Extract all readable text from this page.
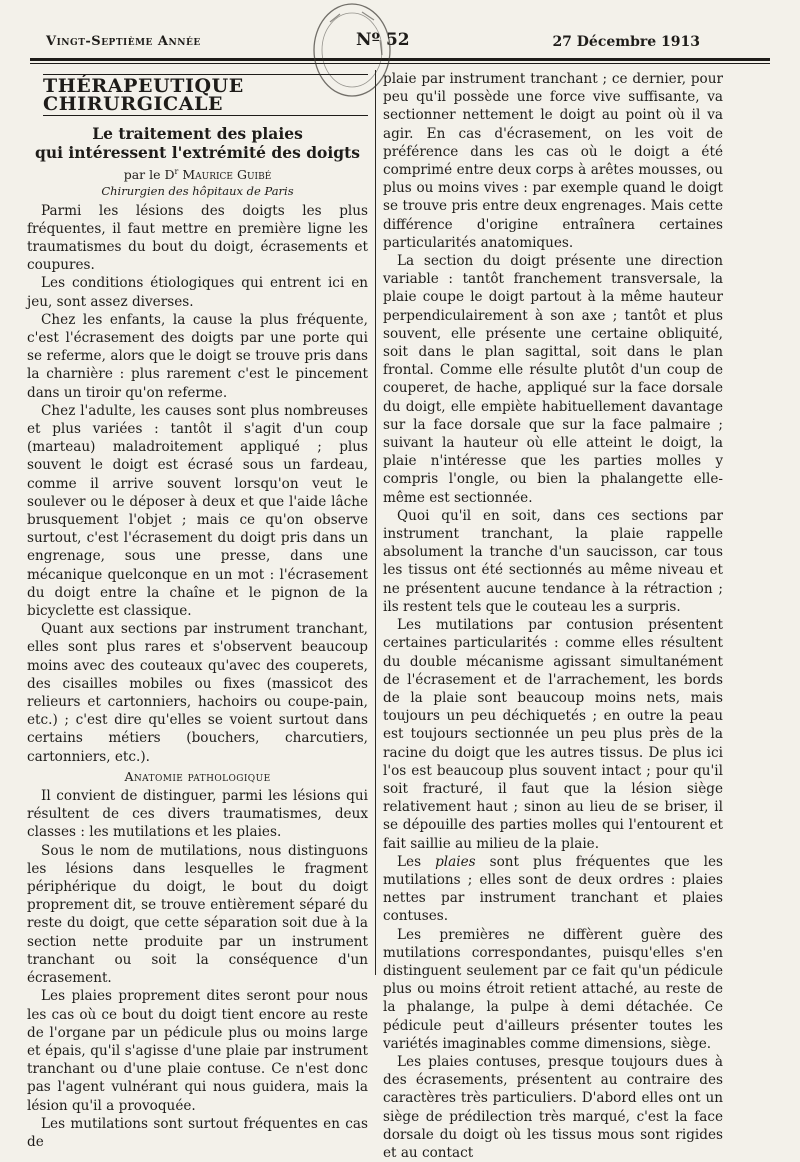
Vingt-Septième Année	Nº 52	27 Décembre 1913
THÉRAPEUTIQUE CHIRURGICALE
Le traitement des plaies
qui intéressent l'extrémité des doigts
par le $D^r$ Maurice Guibé
Chirurgien des hôpitaux de Paris

Parmi les lésions des doigts les plus fréquentes, il faut mettre en première ligne les traumatismes du bout du doigt, écrasements et coupures.

Les conditions étiologiques qui entrent ici en jeu, sont assez diverses.

Chez les enfants, la cause la plus fréquente, c'est l'écrasement des doigts par une porte qui se referme, alors que le doigt se trouve pris dans la charnière : plus rarement c'est le pincement dans un tiroir qu'on referme.

Chez l'adulte, les causes sont plus nombreuses et plus variées : tantôt il s'agit d'un coup (marteau) maladroitement appliqué ; plus souvent le doigt est écrasé sous un fardeau, comme il arrive souvent lorsqu'on veut le soulever ou le déposer à deux et que l'aide lâche brusquement l'objet ; mais ce qu'on observe surtout, c'est l'écrasement du doigt pris dans un engrenage, sous une presse, dans une mécanique quelconque en un mot : l'écrasement du doigt entre la chaîne et le pignon de la bicyclette est classique.

Quant aux sections par instrument tranchant, elles sont plus rares et s'observent beaucoup moins avec des couteaux qu'avec des couperets, des cisailles mobiles ou fixes (massicot des relieurs et cartonniers, hachoirs ou coupe-pain, etc.) ; c'est dire qu'elles se voient surtout dans certains métiers (bouchers, charcutiers, cartonniers, etc.).

Anatomie pathologique

Il convient de distinguer, parmi les lésions qui résultent de ces divers traumatismes, deux classes : les mutilations et les plaies.

Sous le nom de mutilations, nous distinguons les lésions dans lesquelles le fragment périphérique du doigt, le bout du doigt proprement dit, se trouve entièrement séparé du reste du doigt, que cette séparation soit due à la section nette produite par un instrument tranchant ou soit la conséquence d'un écrasement.

Les plaies proprement dites seront pour nous les cas où ce bout du doigt tient encore au reste de l'organe par un pédicule plus ou moins large et épais, qu'il s'agisse d'une plaie par instrument tranchant ou d'une plaie contuse. Ce n'est donc pas l'agent vulnérant qui nous guidera, mais la lésion qu'il a provoquée.

Les mutilations sont surtout fréquentes en cas de

plaie par instrument tranchant ; ce dernier, pour peu qu'il possède une force vive suffisante, va sectionner nettement le doigt au point où il va agir. En cas d'écrasement, on les voit de préférence dans les cas où le doigt a été comprimé entre deux corps à arêtes mousses, ou plus ou moins vives : par exemple quand le doigt se trouve pris entre deux engrenages. Mais cette différence d'origine entraînera certaines particularités anatomiques.

La section du doigt présente une direction variable : tantôt franchement transversale, la plaie coupe le doigt partout à la même hauteur perpendiculairement à son axe ; tantôt et plus souvent, elle présente une certaine obliquité, soit dans le plan sagittal, soit dans le plan frontal. Comme elle résulte plutôt d'un coup de couperet, de hache, appliqué sur la face dorsale du doigt, elle empiète habituellement davantage sur la face dorsale que sur la face palmaire ; suivant la hauteur où elle atteint le doigt, la plaie n'intéresse que les parties molles y compris l'ongle, ou bien la phalangette elle-même est sectionnée.

Quoi qu'il en soit, dans ces sections par instrument tranchant, la plaie rappelle absolument la tranche d'un saucisson, car tous les tissus ont été sectionnés au même niveau et ne présentent aucune tendance à la rétraction ; ils restent tels que le couteau les a surpris.

Les mutilations par contusion présentent certaines particularités : comme elles résultent du double mécanisme agissant simultanément de l'écrasement et de l'arrachement, les bords de la plaie sont beaucoup moins nets, mais toujours un peu déchiquetés ; en outre la peau est toujours sectionnée un peu plus près de la racine du doigt que les autres tissus. De plus ici l'os est beaucoup plus souvent intact ; pour qu'il soit fracturé, il faut que la lésion siège relativement haut ; sinon au lieu de se briser, il se dépouille des parties molles qui l'entourent et fait saillie au milieu de la plaie.

Les plaies sont plus fréquentes que les mutilations ; elles sont de deux ordres : plaies nettes par instrument tranchant et plaies contuses.

Les premières ne diffèrent guère des mutilations correspondantes, puisqu'elles s'en distinguent seulement par ce fait qu'un pédicule plus ou moins étroit retient attaché, au reste de la phalange, la pulpe à demi détachée. Ce pédicule peut d'ailleurs présenter toutes les variétés imaginables comme dimensions, siège.

Les plaies contuses, presque toujours dues à des écrasements, présentent au contraire des caractères très particuliers. D'abord elles ont un siège de prédilection très marqué, c'est la face dorsale du doigt où les tissus mous sont rigides et au contact
